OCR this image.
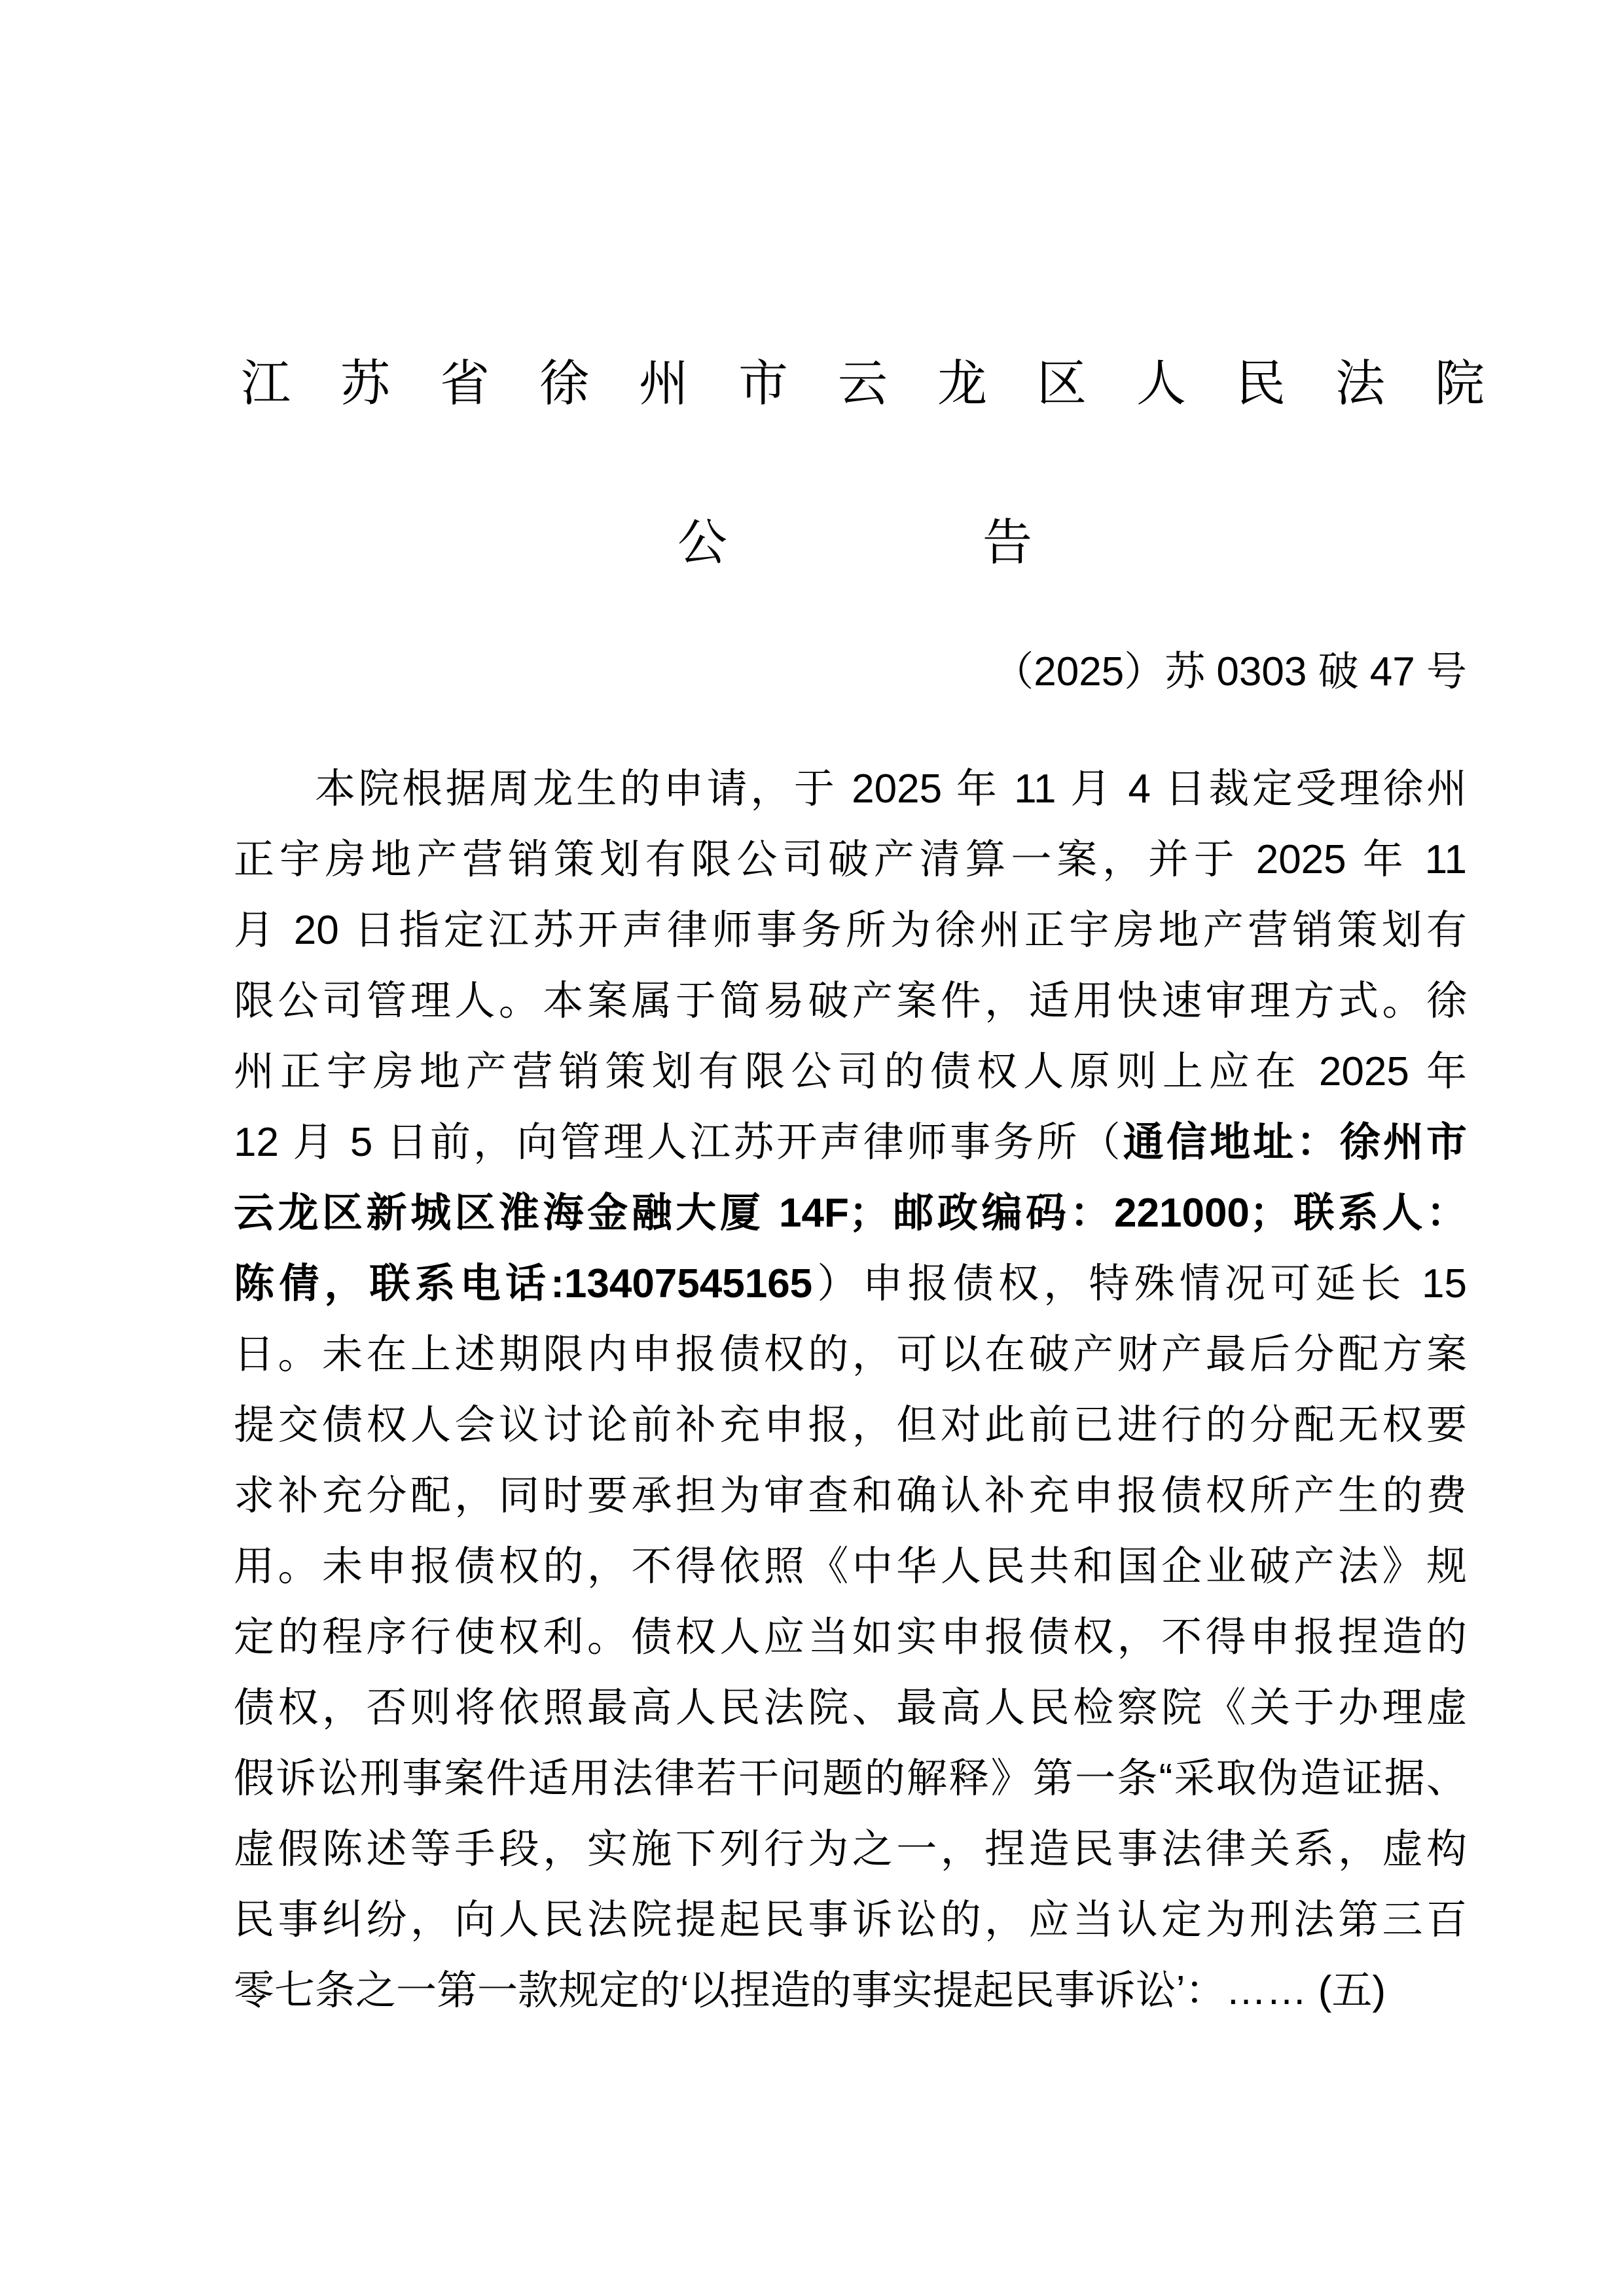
江苏省徐州市云龙区人民法院
公告
（2025）苏 0303 破 47 号
本院根据周龙生的申请，于 2025 年 11 月 4 日裁定受理徐州
正宇房地产营销策划有限公司破产清算一案，并于 2025 年 11
月 20 日指定江苏开声律师事务所为徐州正宇房地产营销策划有
限公司管理人。本案属于简易破产案件，适用快速审理方式。徐
州正宇房地产营销策划有限公司的债权人原则上应在 2025 年
12 月 5 日前，向管理人江苏开声律师事务所（通信地址：徐州市
云龙区新城区淮海金融大厦 14F；邮政编码：221000；联系人：
陈倩，联系电话:13407545165）申报债权，特殊情况可延长 15
日。未在上述期限内申报债权的，可以在破产财产最后分配方案
提交债权人会议讨论前补充申报，但对此前已进行的分配无权要
求补充分配，同时要承担为审查和确认补充申报债权所产生的费
用。未申报债权的，不得依照《中华人民共和国企业破产法》规
定的程序行使权利。债权人应当如实申报债权，不得申报捏造的
债权，否则将依照最高人民法院、最高人民检察院《关于办理虚
假诉讼刑事案件适用法律若干问题的解释》第一条“采取伪造证据、
虚假陈述等手段，实施下列行为之一，捏造民事法律关系，虚构
民事纠纷，向人民法院提起民事诉讼的，应当认定为刑法第三百
零七条之一第一款规定的‘以捏造的事实提起民事诉讼’：…… (五)
